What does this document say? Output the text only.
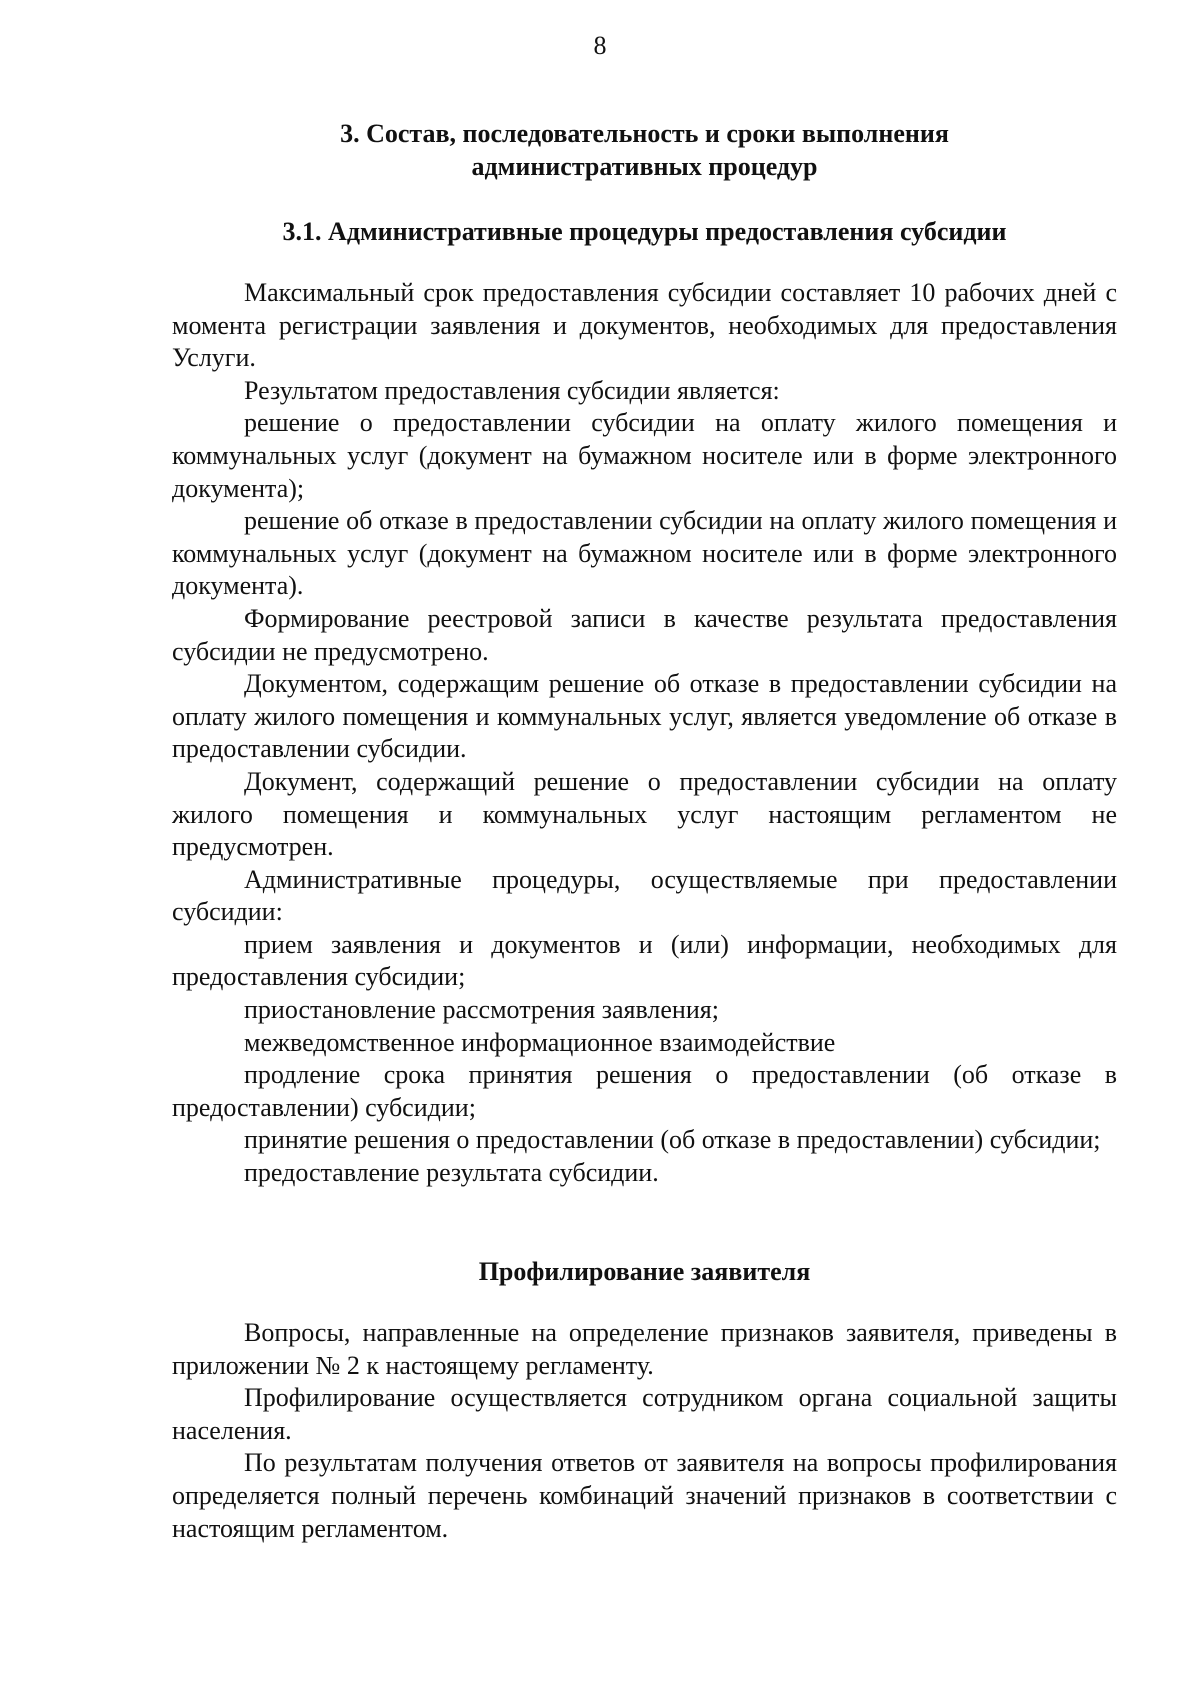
8
3. Состав, последовательность и сроки выполнения административных процедур
3.1. Административные процедуры предоставления субсидии

Максимальный срок предоставления субсидии составляет 10 рабочих дней с момента регистрации заявления и документов, необходимых для предоставления Услуги.

Результатом предоставления субсидии является:

решение о предоставлении субсидии на оплату жилого помещения и коммунальных услуг (документ на бумажном носителе или в форме электронного документа);

решение об отказе в предоставлении субсидии на оплату жилого помещения и коммунальных услуг (документ на бумажном носителе или в форме электронного документа).

Формирование реестровой записи в качестве результата предоставления субсидии не предусмотрено.

Документом, содержащим решение об отказе в предоставлении субсидии на оплату жилого помещения и коммунальных услуг, является уведомление об отказе в предоставлении субсидии.

Документ, содержащий решение о предоставлении субсидии на оплату жилого помещения и коммунальных услуг настоящим регламентом не предусмотрен.

Административные процедуры, осуществляемые при предоставлении субсидии:

прием заявления и документов и (или) информации, необходимых для предоставления субсидии;

приостановление рассмотрения заявления;

межведомственное информационное взаимодействие

продление срока принятия решения о предоставлении (об отказе в предоставлении) субсидии;

принятие решения о предоставлении (об отказе в предоставлении) субсидии;

предоставление результата субсидии.

Профилирование заявителя

Вопросы, направленные на определение признаков заявителя, приведены в приложении № 2 к настоящему регламенту.

Профилирование осуществляется сотрудником органа социальной защиты населения.

По результатам получения ответов от заявителя на вопросы профилирования определяется полный перечень комбинаций значений признаков в соответствии с настоящим регламентом.
